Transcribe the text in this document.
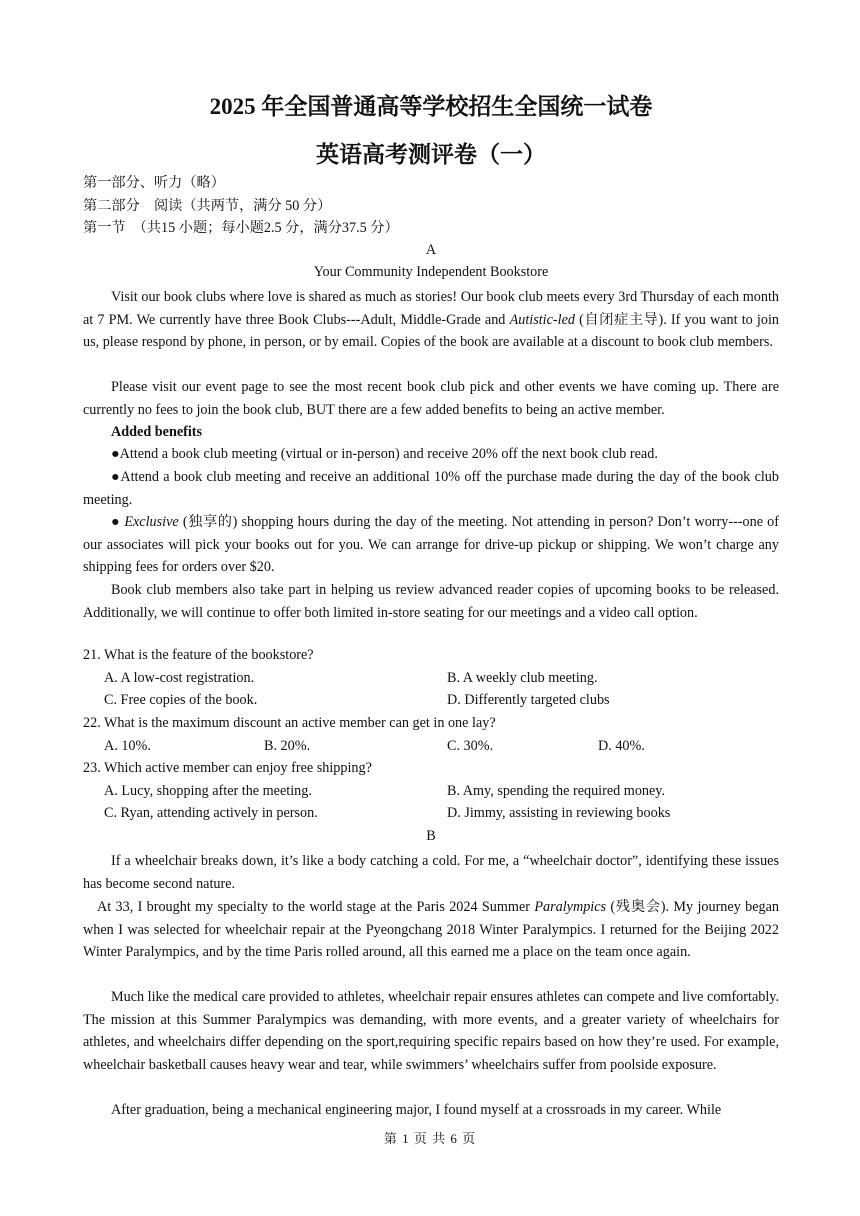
2025 年全国普通高等学校招生全国统一试卷
英语高考测评卷（一）
第一部分、听力（略）
第二部分　阅读（共两节，满分 50 分）
第一节　（共15 小题；每小题2.5 分，满分37.5 分）
A
Your Community Independent Bookstore

Visit our book clubs where love is shared as much as stories! Our book club meets every 3rd Thursday of each month at 7 PM. We currently have three Book Clubs---Adult, Middle-Grade and Autistic-led (自闭症主导). If you want to join us, please respond by phone, in person, or by email. Copies of the book are available at a discount to book club members.

Please visit our event page to see the most recent book club pick and other events we have coming up. There are currently no fees to join the book club, BUT there are a few added benefits to being an active member.

Added benefits

●Attend a book club meeting (virtual or in-person) and receive 20% off the next book club read.

●Attend a book club meeting and receive an additional 10% off the purchase made during the day of the book club meeting.

● Exclusive (独享的) shopping hours during the day of the meeting. Not attending in person? Don’t worry---one of our associates will pick your books out for you. We can arrange for drive-up pickup or shipping. We won’t charge any shipping fees for orders over $20.

Book club members also take part in helping us review advanced reader copies of upcoming books to be released. Additionally, we will continue to offer both limited in-store seating for our meetings and a video call option.

21. What is the feature of the bookstore?
A. A low-cost registration.	B. A weekly club meeting.
C. Free copies of the book.	D. Differently targeted clubs
22. What is the maximum discount an active member can get in one lay?
A. 10%.	B. 20%.	C. 30%.	D. 40%.
23. Which active member can enjoy free shipping?
A. Lucy, shopping after the meeting.	B. Amy, spending the required money.
C. Ryan, attending actively in person.	D. Jimmy, assisting in reviewing books
B

If a wheelchair breaks down, it’s like a body catching a cold. For me, a “wheelchair doctor”, identifying these issues has become second nature.

At 33, I brought my specialty to the world stage at the Paris 2024 Summer Paralympics (残奥会). My journey began when I was selected for wheelchair repair at the Pyeongchang 2018 Winter Paralympics. I returned for the Beijing 2022 Winter Paralympics, and by the time Paris rolled around, all this earned me a place on the team once again.

Much like the medical care provided to athletes, wheelchair repair ensures athletes can compete and live comfortably. The mission at this Summer Paralympics was demanding, with more events, and a greater variety of wheelchairs for athletes, and wheelchairs differ depending on the sport,requiring specific repairs based on how they’re used. For example, wheelchair basketball causes heavy wear and tear, while swimmers’ wheelchairs suffer from poolside exposure.

After graduation, being a mechanical engineering major, I found myself at a crossroads in my career. While

第 1 页 共 6 页
